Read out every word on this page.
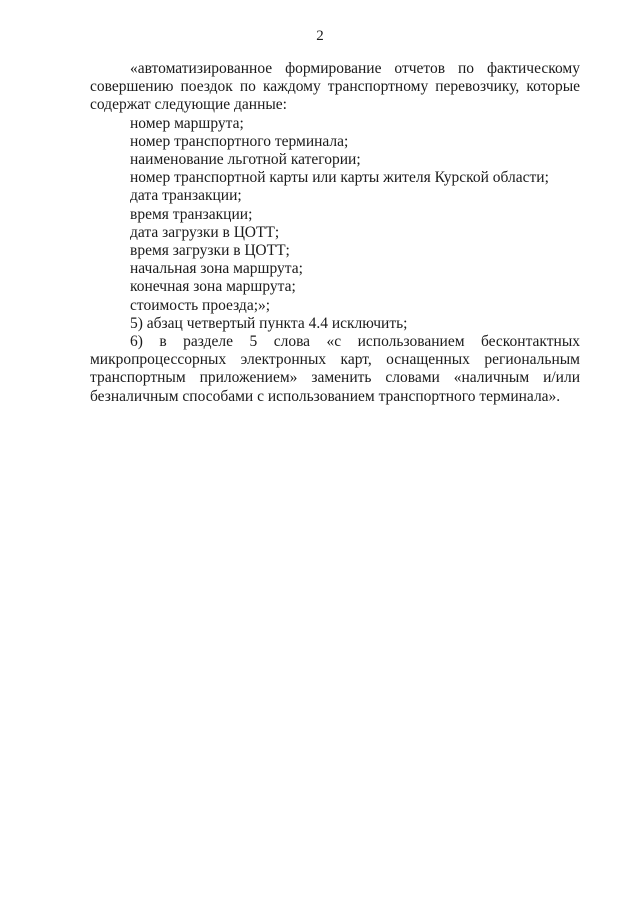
2

«автоматизированное формирование отчетов по фактическому совершению поездок по каждому транспортному перевозчику, которые содержат следующие данные:

номер маршрута;

номер транспортного терминала;

наименование льготной категории;

номер транспортной карты или карты жителя Курской области;

дата транзакции;

время транзакции;

дата загрузки в ЦОТТ;

время загрузки в ЦОТТ;

начальная зона маршрута;

конечная зона маршрута;

стоимость проезда;»;

5) абзац четвертый пункта 4.4 исключить;

6) в разделе 5 слова «с использованием бесконтактных микропроцессорных электронных карт, оснащенных региональным транспортным приложением» заменить словами «наличным и/или безналичным способами с использованием транспортного терминала».
